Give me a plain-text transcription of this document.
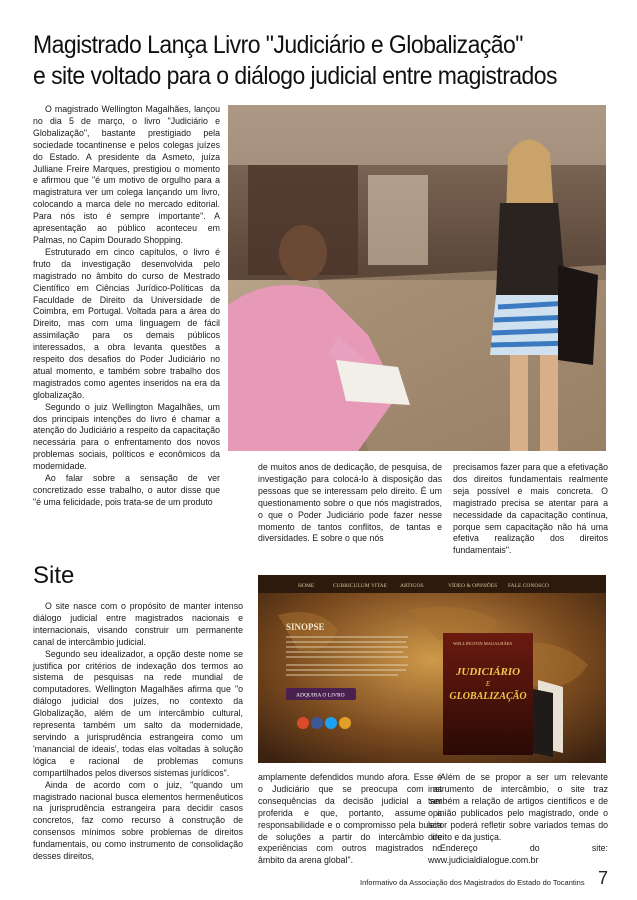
Magistrado Lança Livro "Judiciário e Globalização"
e site voltado para o diálogo judicial entre magistrados

O magistrado Wellington Magalhães, lançou no dia 5 de março, o livro "Judiciário e Globalização", bastante prestigiado pela sociedade tocantinense e pelos colegas juízes do Estado. A presidente da Asmeto, juíza Julliane Freire Marques, prestigiou o momento e afirmou que "é um motivo de orgulho para a magistratura ver um colega lançando um livro, colocando a marca dele no mercado editorial. Para nós isto é sempre importante". A apresentação ao público aconteceu em Palmas, no Capim Dourado Shopping.

Estruturado em cinco capítulos, o livro é fruto da investigação desenvolvida pelo magistrado no âmbito do curso de Mestrado Científico em Ciências Jurídico-Políticas da Faculdade de Direito da Universidade de Coimbra, em Portugal. Voltada para a área do Direito, mas com uma linguagem de fácil assimilação para os demais públicos interessados, a obra levanta questões a respeito dos desafios do Poder Judiciário no atual momento, e também sobre trabalho dos magistrados como agentes inseridos na era da globalização.

Segundo o juiz Wellington Magalhães, um dos principais intenções do livro é chamar a atenção do Judiciário a respeito da capacitação necessária para o enfrentamento dos novos problemas sociais, políticos e econômicos da modernidade.

Ao falar sobre a sensação de ver concretizado esse trabalho, o autor disse que "é uma felicidade, pois trata-se de um produto

de muitos anos de dedicação, de pesquisa, de investigação para colocá-lo à disposição das pessoas que se interessam pelo direito. É um questionamento sobre o que nós magistrados, o que o Poder Judiciário pode fazer nesse momento de tantos conflitos, de tantas e diversidades. E sobre o que nós

precisamos fazer para que a efetivação dos direitos fundamentais realmente seja possível e mais concreta. O magistrado precisa se atentar para a necessidade da capacitação contínua, porque sem capacitação não há uma efetiva realização dos direitos fundamentais".

Site

O site nasce com o propósito de manter intenso diálogo judicial entre magistrados nacionais e internacionais, visando construir um permanente canal de intercâmbio judicial.

Segundo seu idealizador, a opção deste nome se justifica por critérios de indexação dos termos ao sistema de pesquisas na rede mundial de computadores. Wellington Magalhães afirma que "o diálogo judicial dos juízes, no contexto da Globalização, além de um intercâmbio cultural, representa também um salto da modernidade, servindo a jurisprudência estrangeira como um 'manancial de ideais', todas elas voltadas à solução lógica e racional de problemas comuns compartilhados pelos diversos sistemas jurídicos".

Ainda de acordo com o juiz, "quando um magistrado nacional busca elementos hermenêuticos na jurisprudência estrangeira para decidir casos concretos, faz como recurso à construção de consensos mínimos sobre problemas de direitos fundamentais, ou como instrumento de consolidação desses direitos,

HOME	CURRICULUM VITAE ARTIGOS	VÍDEO & OPINIÕES FALE CONOSCO
SINOPSE
ADQUIRA O LIVRO
WELLINGTON MAGALHÃES
JUDICIÁRIO
E
GLOBALIZAÇÃO

amplamente defendidos mundo afora. Esse é o Judiciário que se preocupa com as consequências da decisão judicial a ser proferida e que, portanto, assume a responsabilidade e o compromisso pela busca de soluções a partir do intercâmbio de experiências com outros magistrados no âmbito da arena global".

Além de se propor a ser um relevante instrumento de intercâmbio, o site traz também a relação de artigos científicos e de opinião publicados pelo magistrado, onde o leitor poderá refletir sobre variados temas do direito e da justiça.

Endereço do site: www.judicialdialogue.com.br

Informativo da Associação dos Magistrados do Estado do Tocantins 7
